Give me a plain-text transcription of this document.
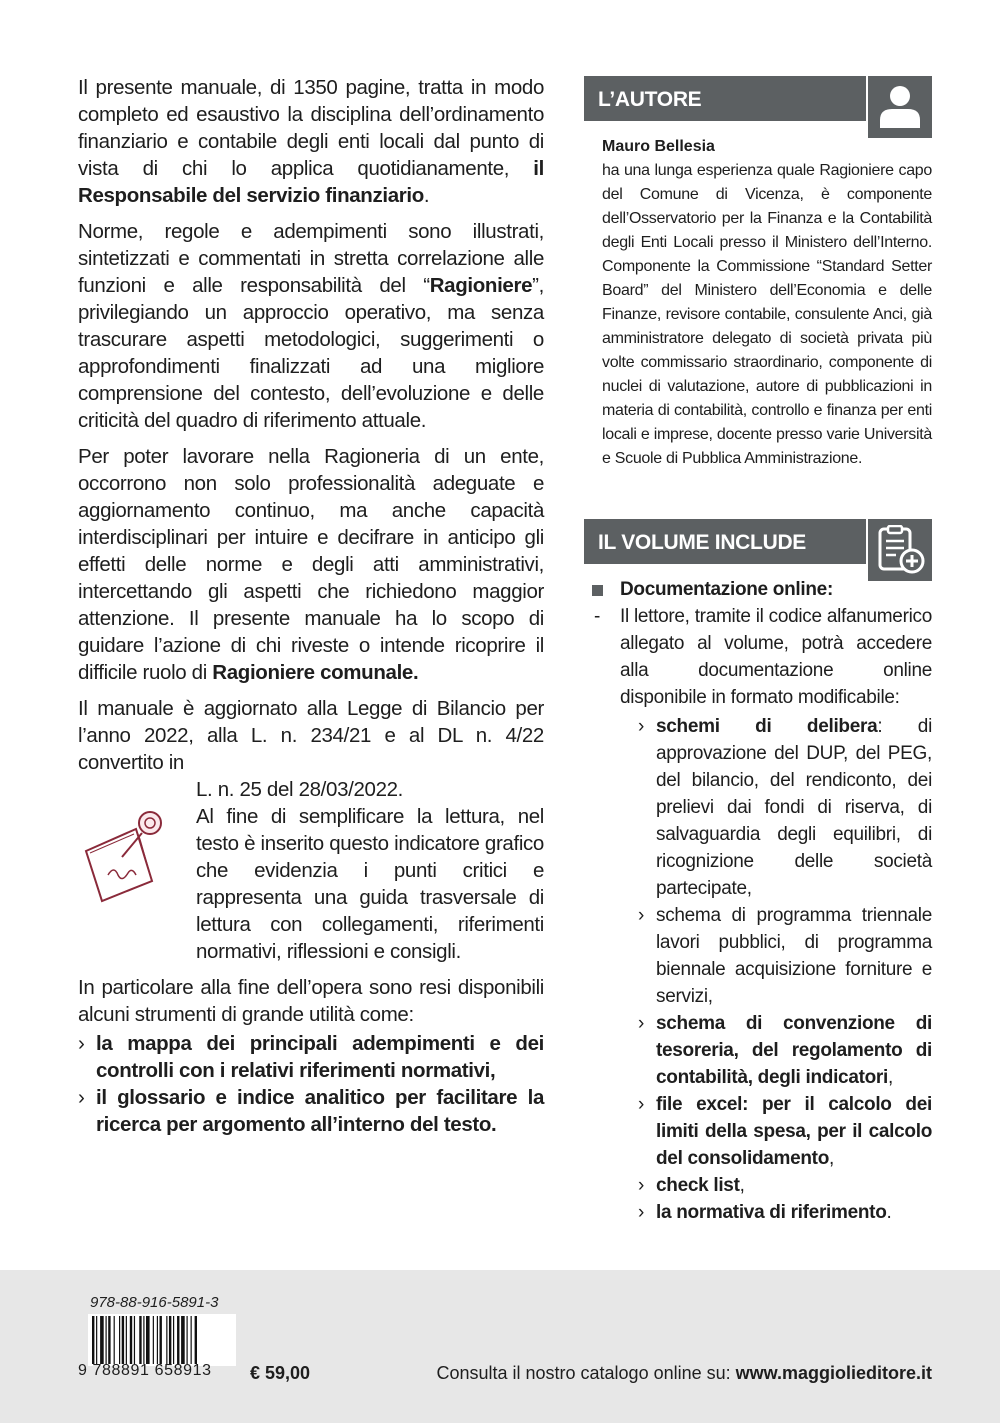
Il presente manuale, di 1350 pagine, tratta in modo completo ed esaustivo la disciplina dell’ordinamento finanziario e contabile degli enti locali dal punto di vista di chi lo applica quotidianamente, il Responsabile del servizio finanziario.

Norme, regole e adempimenti sono illustrati, sintetizzati e commentati in stretta correlazione alle funzioni e alle responsabilità del “Ragioniere”, privilegiando un approccio operativo, ma senza trascurare aspetti metodologici, suggerimenti o approfondimenti finalizzati ad una migliore comprensione del contesto, dell’evoluzione e delle criticità del quadro di riferimento attuale.

Per poter lavorare nella Ragioneria di un ente, occorrono non solo professionalità adeguate e aggiornamento continuo, ma anche capacità interdisciplinari per intuire e decifrare in anticipo gli effetti delle norme e degli atti amministrativi, intercettando gli aspetti che richiedono maggior attenzione. Il presente manuale ha lo scopo di guidare l’azione di chi riveste o intende ricoprire il difficile ruolo di Ragioniere comunale.

Il manuale è aggiornato alla Legge di Bilancio per l’anno 2022, alla L. n. 234/21 e al DL n. 4/22 convertito in

L. n. 25 del 28/03/2022.

Al fine di semplificare la lettura, nel testo è inserito questo indicatore grafico che evidenzia i punti critici e rappresenta una guida trasversale di lettura con collegamenti, riferimenti normativi, riflessioni e consigli.

In particolare alla fine dell’opera sono resi disponibili alcuni strumenti di grande utilità come:

› la mappa dei principali adempimenti e dei controlli con i relativi riferimenti normativi,
› il glossario e indice analitico per facilitare la ricerca per argomento all’interno del testo.
L’AUTORE
Mauro Bellesia
ha una lunga esperienza quale Ragioniere capo del Comune di Vicenza, è componente dell’Osservatorio per la Finanza e la Contabilità degli Enti Locali presso il Ministero dell’Interno. Componente la Commissione “Standard Setter Board” del Ministero dell’Economia e delle Finanze, revisore contabile, consulente Anci, già amministratore delegato di società privata più volte commissario straordinario, componente di nuclei di valutazione, autore di pubblicazioni in materia di contabilità, controllo e finanza per enti locali e imprese, docente presso varie Università e Scuole di Pubblica Amministrazione.
IL VOLUME INCLUDE
Documentazione online:
- Il lettore, tramite il codice alfanumerico allegato al volume, potrà accedere alla documentazione online disponibile in formato modificabile:
› schemi di delibera: di approvazione del DUP, del PEG, del bilancio, del rendiconto, dei prelievi dai fondi di riserva, di salvaguardia degli equilibri, di ricognizione delle società partecipate,
› schema di programma triennale lavori pubblici, di programma biennale acquisizione forniture e servizi,
› schema di convenzione di tesoreria, del regolamento di contabilità, degli indicatori,
› file excel: per il calcolo dei limiti della spesa, per il calcolo del consolidamento,
› check list,
› la normativa di riferimento.
978-88-916-5891-3
9 788891 658913	€ 59,00	Consulta il nostro catalogo online su: www.maggiolieditore.it
